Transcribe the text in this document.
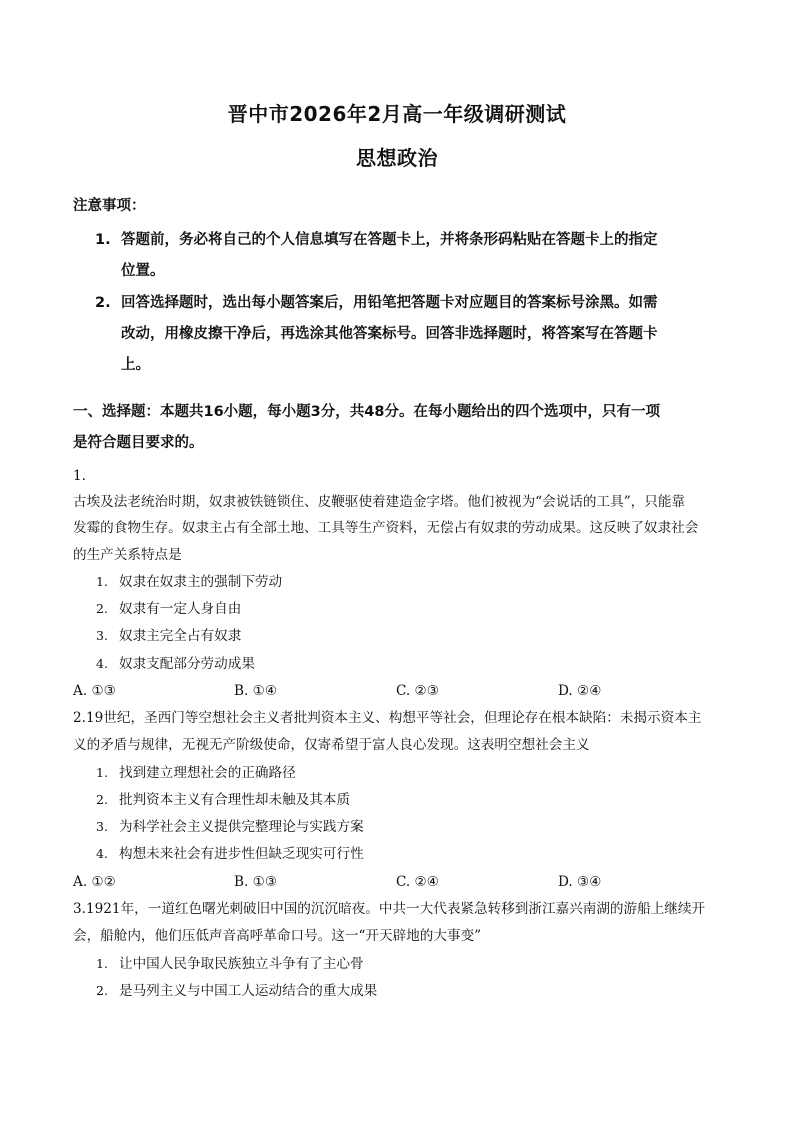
晋中市2026年2月高一年级调研测试
思想政治
注意事项：
1. 答题前，务必将自己的个人信息填写在答题卡上，并将条形码粘贴在答题卡上的指定
位置。
2. 回答选择题时，选出每小题答案后，用铅笔把答题卡对应题目的答案标号涂黑。如需
改动，用橡皮擦干净后，再选涂其他答案标号。回答非选择题时，将答案写在答题卡
上。
一、选择题：本题共16小题，每小题3分，共48分。在每小题给出的四个选项中，只有一项
是符合题目要求的。
1.
古埃及法老统治时期，奴隶被铁链锁住、皮鞭驱使着建造金字塔。他们被视为“会说话的工具”，只能靠
发霉的食物生存。奴隶主占有全部土地、工具等生产资料，无偿占有奴隶的劳动成果。这反映了奴隶社会
的生产关系特点是
1. 奴隶在奴隶主的强制下劳动
2. 奴隶有一定人身自由
3. 奴隶主完全占有奴隶
4. 奴隶支配部分劳动成果
A. ①③	B. ①④	C. ②③	D. ②④
2.19世纪，圣西门等空想社会主义者批判资本主义、构想平等社会，但理论存在根本缺陷：未揭示资本主
义的矛盾与规律，无视无产阶级使命，仅寄希望于富人良心发现。这表明空想社会主义
1. 找到建立理想社会的正确路径
2. 批判资本主义有合理性却未触及其本质
3. 为科学社会主义提供完整理论与实践方案
4. 构想未来社会有进步性但缺乏现实可行性
A. ①②	B. ①③	C. ②④	D. ③④
3.1921年，一道红色曙光刺破旧中国的沉沉暗夜。中共一大代表紧急转移到浙江嘉兴南湖的游船上继续开
会，船舱内，他们压低声音高呼革命口号。这一“开天辟地的大事变”
1. 让中国人民争取民族独立斗争有了主心骨
2. 是马列主义与中国工人运动结合的重大成果
